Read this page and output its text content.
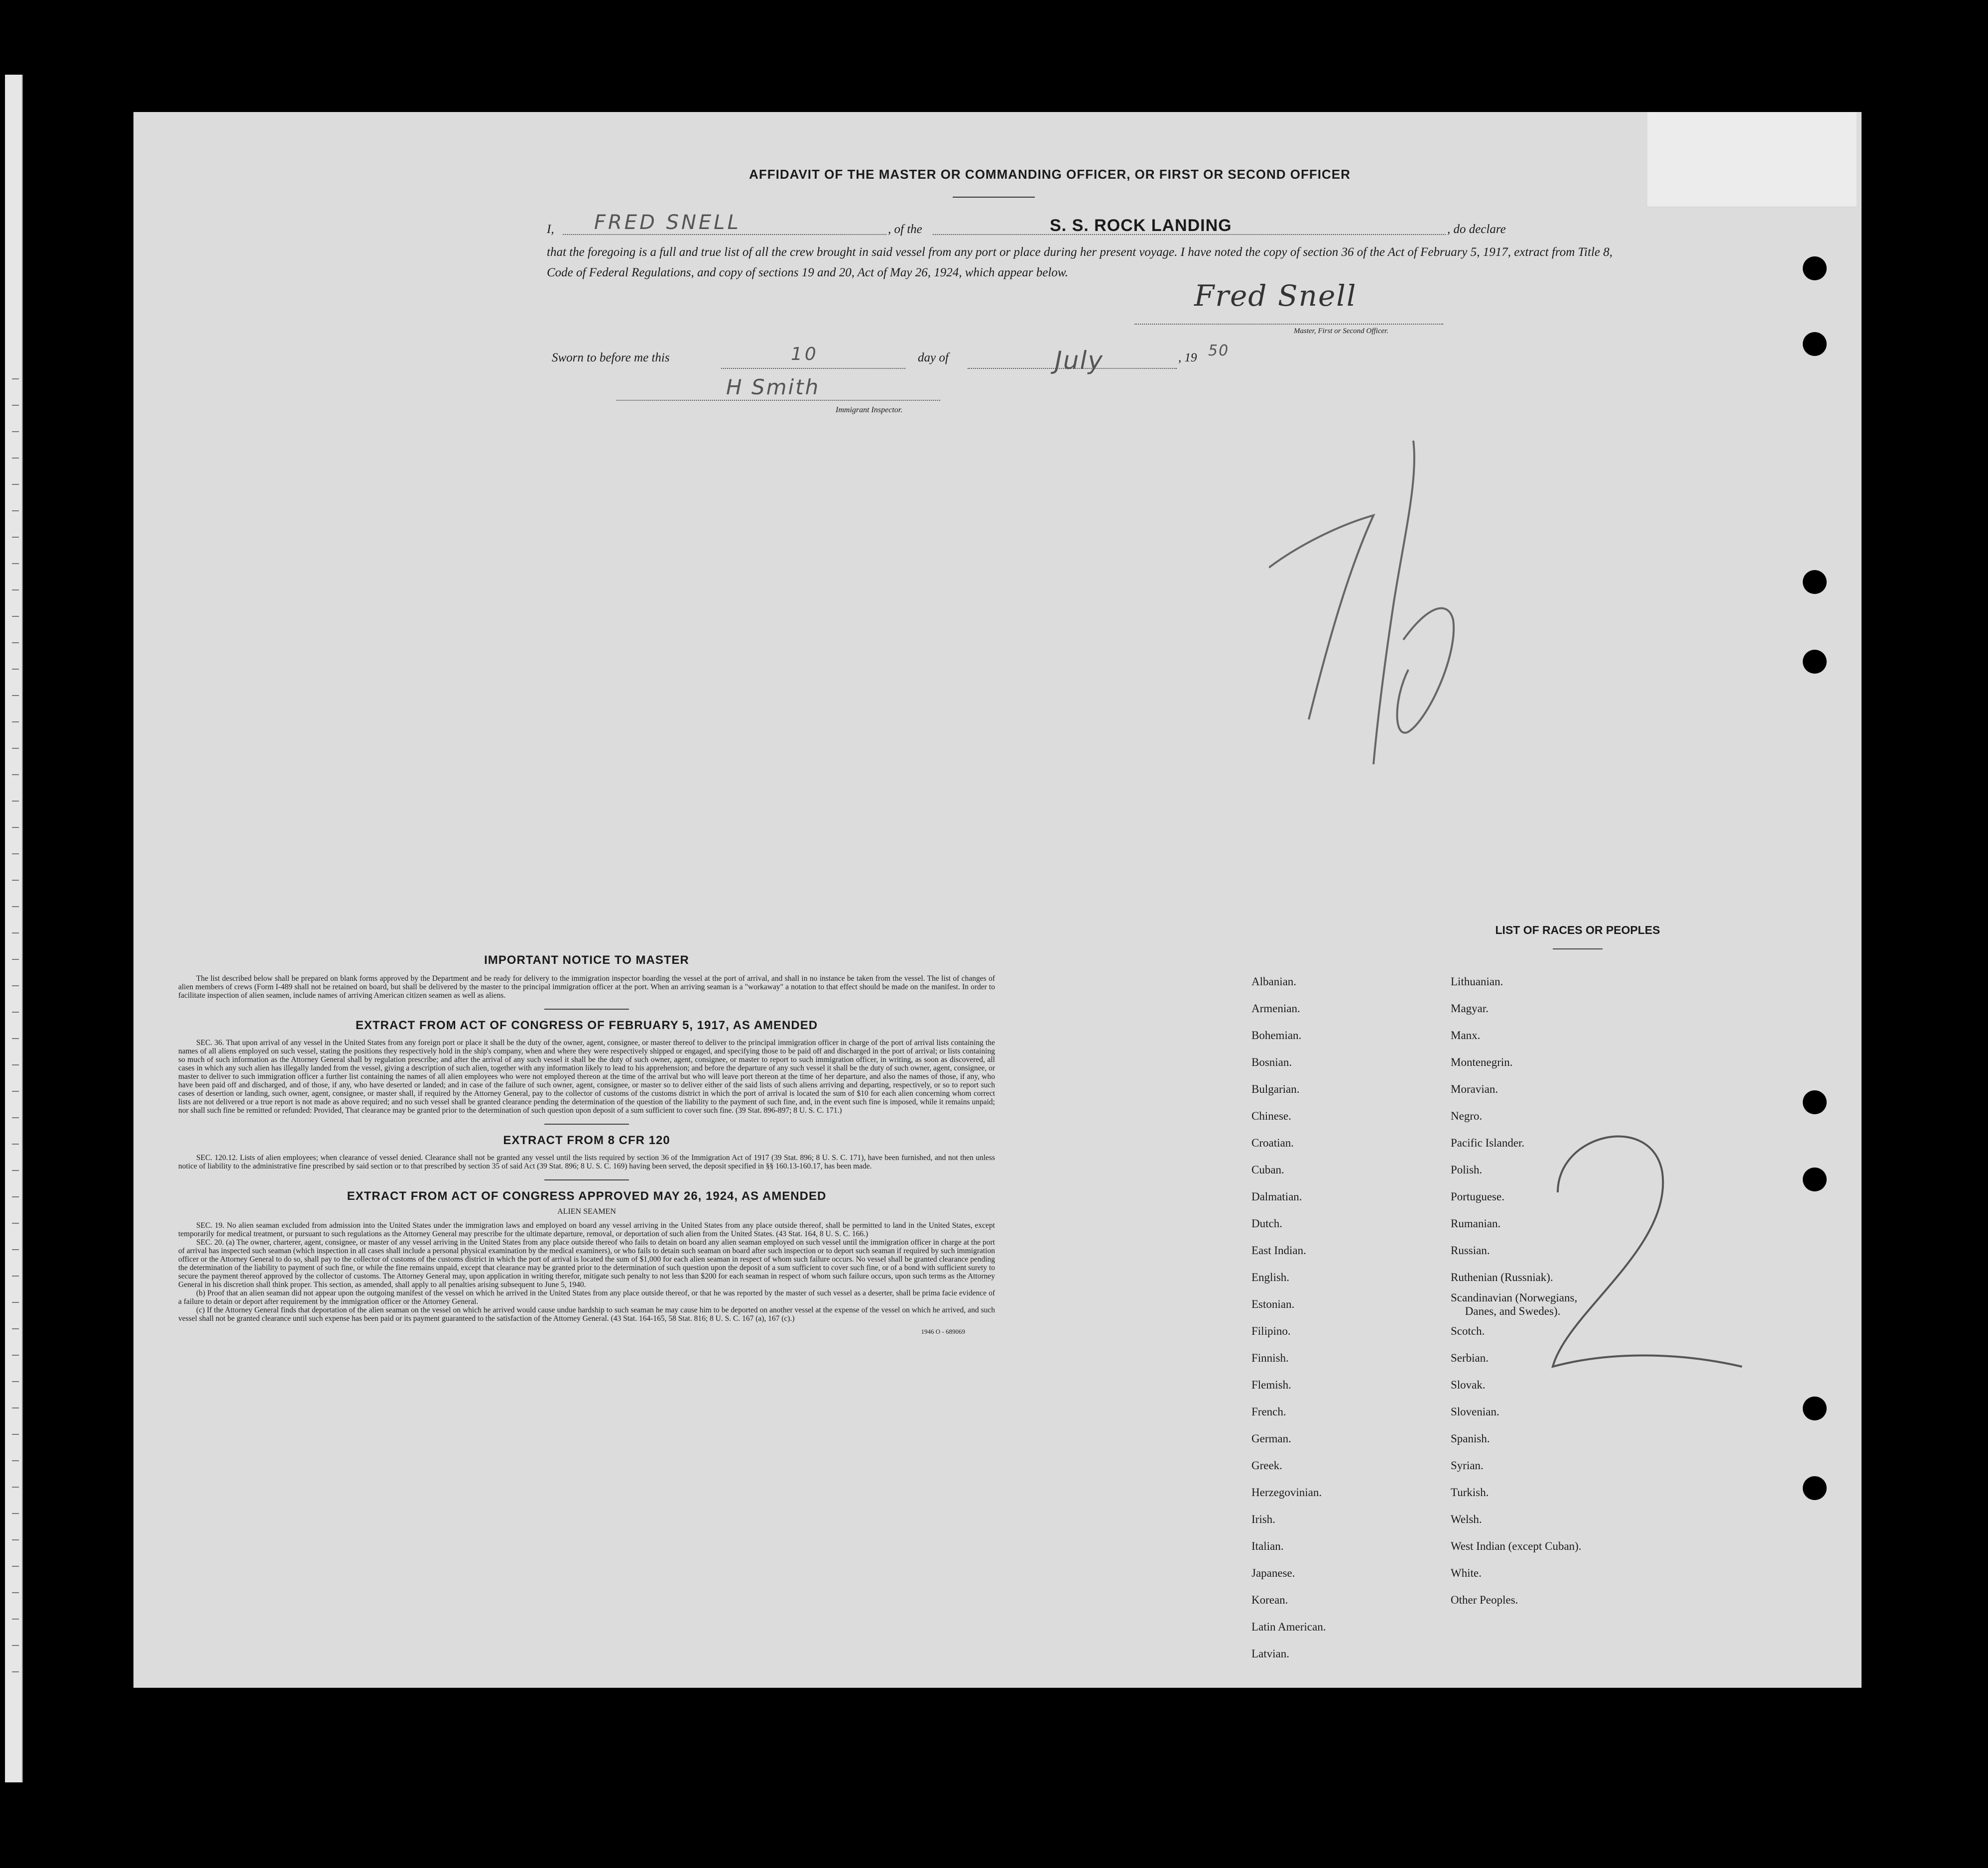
AFFIDAVIT OF THE MASTER OR COMMANDING OFFICER, OR FIRST OR SECOND OFFICER
I, FRED SNELL	, of the	S. S. ROCK LANDING	, do declare
that the foregoing is a full and true list of all the crew brought in said vessel from any port or place during her present voyage. I have noted the copy of section 36 of the Act of February 5, 1917, extract from Title 8, Code of Federal Regulations, and copy of sections 19 and 20, Act of May 26, 1924, which appear below.
Fred Snell
Master, First or Second Officer.
Sworn to before me this	10	day of	July	, 19 50
H Smith
Immigrant Inspector.
IMPORTANT NOTICE TO MASTER

The list described below shall be prepared on blank forms approved by the Department and be ready for delivery to the immigration inspector boarding the vessel at the port of arrival, and shall in no instance be taken from the vessel. The list of changes of alien members of crews (Form I-489 shall not be retained on board, but shall be delivered by the master to the principal immigration officer at the port. When an arriving seaman is a "workaway" a notation to that effect should be made on the manifest. In order to facilitate inspection of alien seamen, include names of arriving American citizen seamen as well as aliens.

EXTRACT FROM ACT OF CONGRESS OF FEBRUARY 5, 1917, AS AMENDED

SEC. 36. That upon arrival of any vessel in the United States from any foreign port or place it shall be the duty of the owner, agent, consignee, or master thereof to deliver to the principal immigration officer in charge of the port of arrival lists containing the names of all aliens employed on such vessel, stating the positions they respectively hold in the ship's company, when and where they were respectively shipped or engaged, and specifying those to be paid off and discharged in the port of arrival; or lists containing so much of such information as the Attorney General shall by regulation prescribe; and after the arrival of any such vessel it shall be the duty of such owner, agent, consignee, or master to report to such immigration officer, in writing, as soon as discovered, all cases in which any such alien has illegally landed from the vessel, giving a description of such alien, together with any information likely to lead to his apprehension; and before the departure of any such vessel it shall be the duty of such owner, agent, consignee, or master to deliver to such immigration officer a further list containing the names of all alien employees who were not employed thereon at the time of the arrival but who will leave port thereon at the time of her departure, and also the names of those, if any, who have been paid off and discharged, and of those, if any, who have deserted or landed; and in case of the failure of such owner, agent, consignee, or master so to deliver either of the said lists of such aliens arriving and departing, respectively, or so to report such cases of desertion or landing, such owner, agent, consignee, or master shall, if required by the Attorney General, pay to the collector of customs of the customs district in which the port of arrival is located the sum of $10 for each alien concerning whom correct lists are not delivered or a true report is not made as above required; and no such vessel shall be granted clearance pending the determination of the question of the liability to the payment of such fine, and, in the event such fine is imposed, while it remains unpaid; nor shall such fine be remitted or refunded: Provided, That clearance may be granted prior to the determination of such question upon deposit of a sum sufficient to cover such fine. (39 Stat. 896-897; 8 U. S. C. 171.)

EXTRACT FROM 8 CFR 120

SEC. 120.12. Lists of alien employees; when clearance of vessel denied. Clearance shall not be granted any vessel until the lists required by section 36 of the Immigration Act of 1917 (39 Stat. 896; 8 U. S. C. 171), have been furnished, and not then unless notice of liability to the administrative fine prescribed by said section or to that prescribed by section 35 of said Act (39 Stat. 896; 8 U. S. C. 169) having been served, the deposit specified in §§ 160.13-160.17, has been made.

EXTRACT FROM ACT OF CONGRESS APPROVED MAY 26, 1924, AS AMENDED
ALIEN SEAMEN

SEC. 19. No alien seaman excluded from admission into the United States under the immigration laws and employed on board any vessel arriving in the United States from any place outside thereof, shall be permitted to land in the United States, except temporarily for medical treatment, or pursuant to such regulations as the Attorney General may prescribe for the ultimate departure, removal, or deportation of such alien from the United States. (43 Stat. 164, 8 U. S. C. 166.)

SEC. 20. (a) The owner, charterer, agent, consignee, or master of any vessel arriving in the United States from any place outside thereof who fails to detain on board any alien seaman employed on such vessel until the immigration officer in charge at the port of arrival has inspected such seaman (which inspection in all cases shall include a personal physical examination by the medical examiners), or who fails to detain such seaman on board after such inspection or to deport such seaman if required by such immigration officer or the Attorney General to do so, shall pay to the collector of customs of the customs district in which the port of arrival is located the sum of $1,000 for each alien seaman in respect of whom such failure occurs. No vessel shall be granted clearance pending the determination of the liability to payment of such fine, or while the fine remains unpaid, except that clearance may be granted prior to the determination of such question upon the deposit of a sum sufficient to cover such fine, or of a bond with sufficient surety to secure the payment thereof approved by the collector of customs. The Attorney General may, upon application in writing therefor, mitigate such penalty to not less than $200 for each seaman in respect of whom such failure occurs, upon such terms as the Attorney General in his discretion shall think proper. This section, as amended, shall apply to all penalties arising subsequent to June 5, 1940.

(b) Proof that an alien seaman did not appear upon the outgoing manifest of the vessel on which he arrived in the United States from any place outside thereof, or that he was reported by the master of such vessel as a deserter, shall be prima facie evidence of a failure to detain or deport after requirement by the immigration officer or the Attorney General.

(c) If the Attorney General finds that deportation of the alien seaman on the vessel on which he arrived would cause undue hardship to such seaman he may cause him to be deported on another vessel at the expense of the vessel on which he arrived, and such vessel shall not be granted clearance until such expense has been paid or its payment guaranteed to the satisfaction of the Attorney General. (43 Stat. 164-165, 58 Stat. 816; 8 U. S. C. 167 (a), 167 (c).)

1946 O - 689069
LIST OF RACES OR PEOPLES
Albanian.
Armenian.
Bohemian.
Bosnian.
Bulgarian.
Chinese.
Croatian.
Cuban.
Dalmatian.
Dutch.
East Indian.
English.
Estonian.
Filipino.
Finnish.
Flemish.
French.
German.
Greek.
Herzegovinian.
Irish.
Italian.
Japanese.
Korean.
Latin American.
Latvian.
Lithuanian.
Magyar.
Manx.
Montenegrin.
Moravian.
Negro.
Pacific Islander.
Polish.
Portuguese.
Rumanian.
Russian.
Ruthenian (Russniak).
Scandinavian (Norwegians,
Danes, and Swedes).
Scotch.
Serbian.
Slovak.
Slovenian.
Spanish.
Syrian.
Turkish.
Welsh.
West Indian (except Cuban).
White.
Other Peoples.
